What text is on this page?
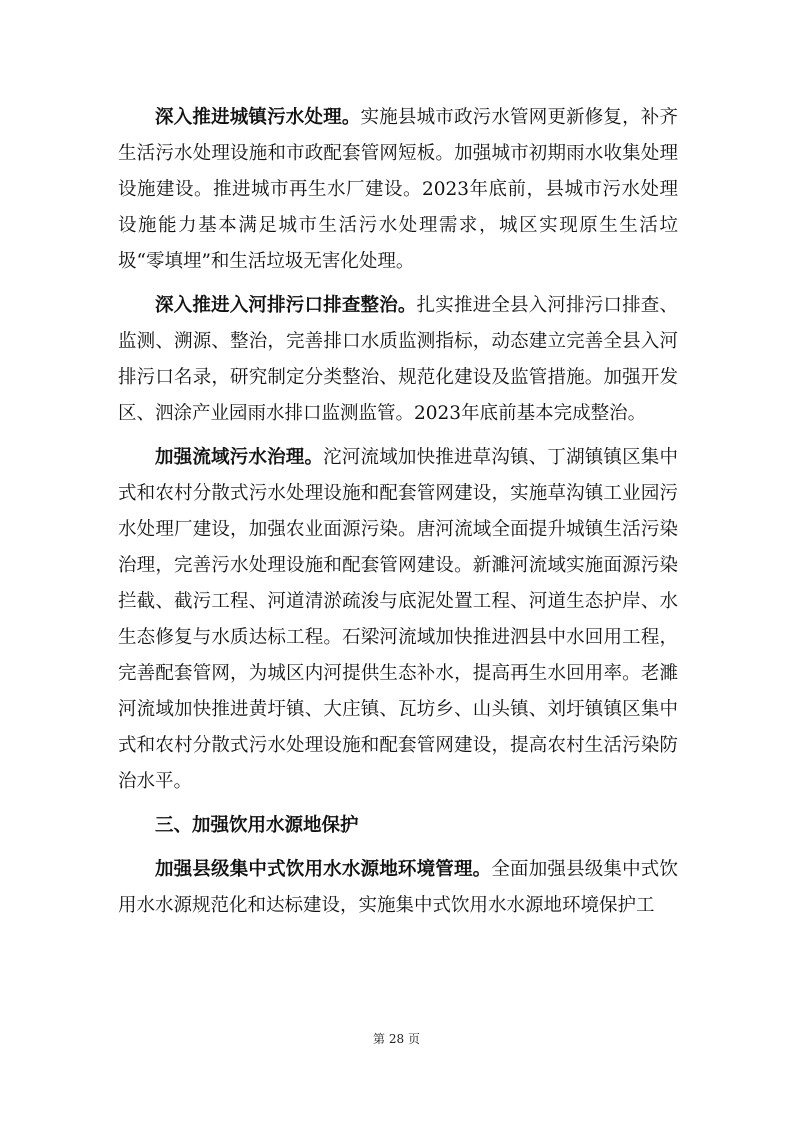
深入推进城镇污水处理。实施县城市政污水管网更新修复，补齐生活污水处理设施和市政配套管网短板。加强城市初期雨水收集处理设施建设。推进城市再生水厂建设。2023年底前，县城市污水处理设施能力基本满足城市生活污水处理需求，城区实现原生生活垃圾“零填埋”和生活垃圾无害化处理。

深入推进入河排污口排查整治。扎实推进全县入河排污口排查、监测、溯源、整治，完善排口水质监测指标，动态建立完善全县入河排污口名录，研究制定分类整治、规范化建设及监管措施。加强开发区、泗涂产业园雨水排口监测监管。2023年底前基本完成整治。

加强流域污水治理。沱河流域加快推进草沟镇、丁湖镇镇区集中式和农村分散式污水处理设施和配套管网建设，实施草沟镇工业园污水处理厂建设，加强农业面源污染。唐河流域全面提升城镇生活污染治理，完善污水处理设施和配套管网建设。新濉河流域实施面源污染拦截、截污工程、河道清淤疏浚与底泥处置工程、河道生态护岸、水生态修复与水质达标工程。石梁河流域加快推进泗县中水回用工程，完善配套管网，为城区内河提供生态补水，提高再生水回用率。老濉河流域加快推进黄圩镇、大庄镇、瓦坊乡、山头镇、刘圩镇镇区集中式和农村分散式污水处理设施和配套管网建设，提高农村生活污染防治水平。

三、加强饮用水源地保护

加强县级集中式饮用水水源地环境管理。全面加强县级集中式饮用水水源规范化和达标建设，实施集中式饮用水水源地环境保护工

第 28 页
